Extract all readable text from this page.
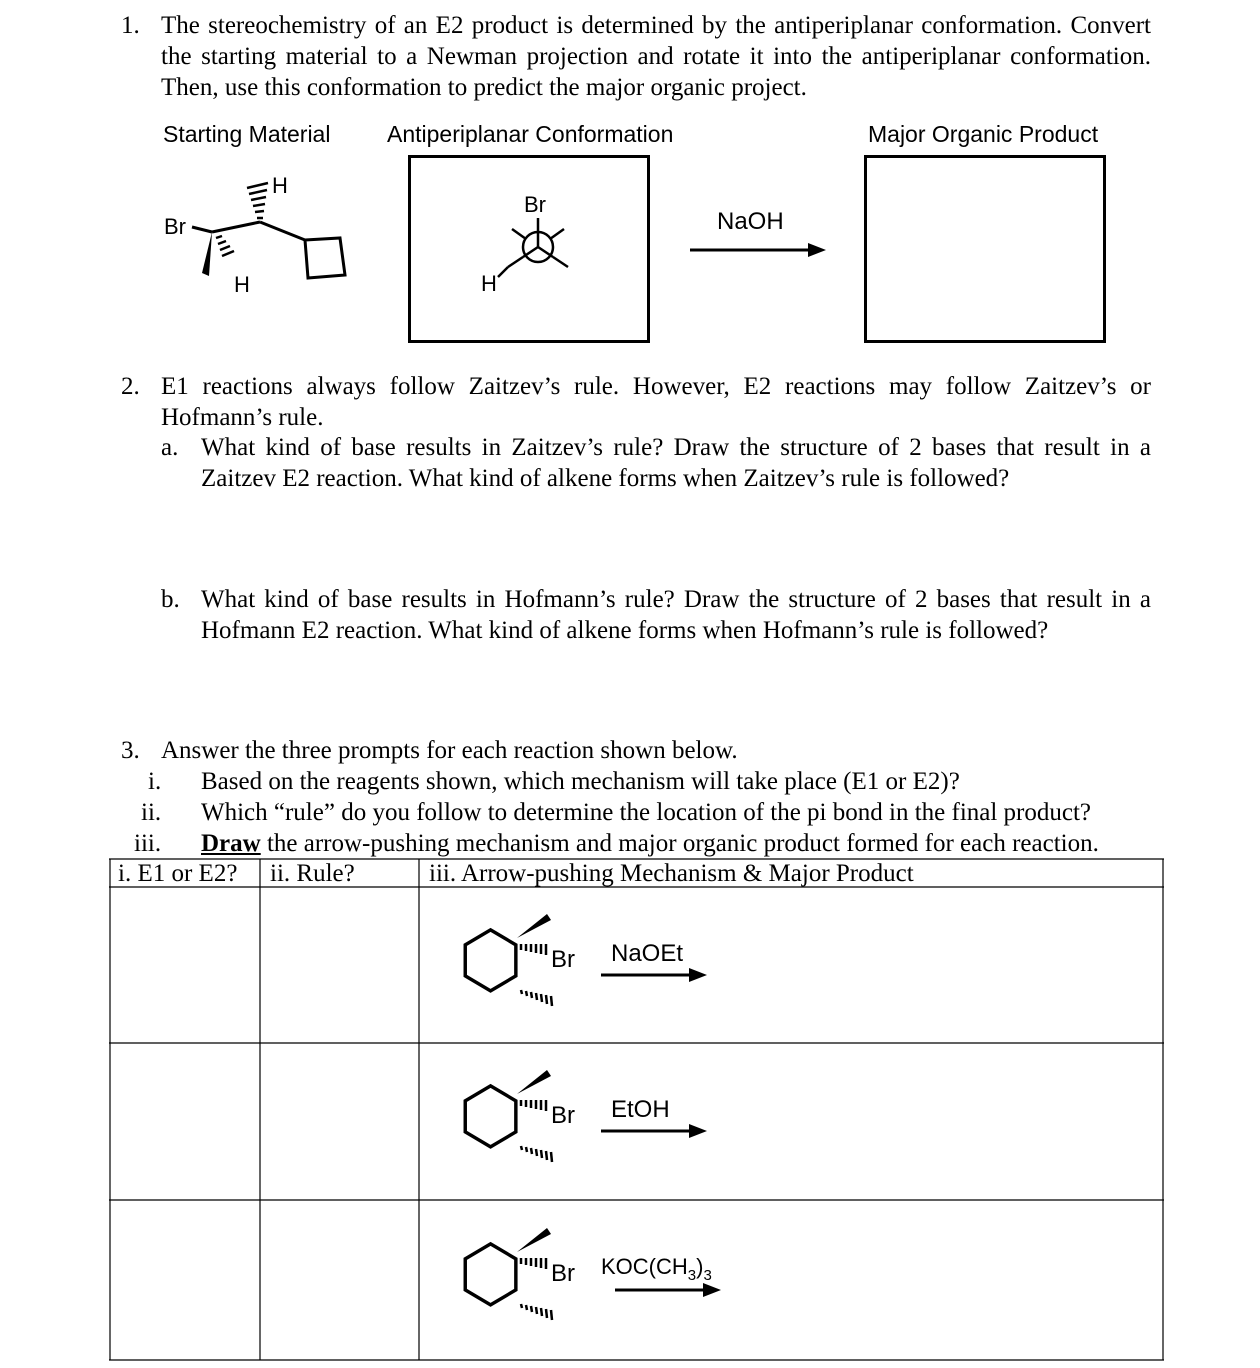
1. The stereochemistry of an E2 product is determined by the antiperiplanar conformation. Convert the starting material to a Newman projection and rotate it into the antiperiplanar conformation. Then, use this conformation to predict the major organic project.
Starting Material Antiperiplanar Conformation	Major Organic Product
Br
H
H
Br
H
NaOH
2. E1 reactions always follow Zaitzev’s rule. However, E2 reactions may follow Zaitzev’s or Hofmann’s rule.
a. What kind of base results in Zaitzev’s rule? Draw the structure of 2 bases that result in a Zaitzev E2 reaction. What kind of alkene forms when Zaitzev’s rule is followed?
b. What kind of base results in Hofmann’s rule? Draw the structure of 2 bases that result in a Hofmann E2 reaction. What kind of alkene forms when Hofmann’s rule is followed?
3. Answer the three prompts for each reaction shown below.
i. Based on the reagents shown, which mechanism will take place (E1 or E2)?
ii. Which “rule” do you follow to determine the location of the pi bond in the final product?
iii. Draw the arrow-pushing mechanism and major organic product formed for each reaction.
i. E1 or E2? ii. Rule?	iii. Arrow-pushing Mechanism & Major Product
Br NaOEt
Br EtOH
Br $KOC(CH_3)_3$
